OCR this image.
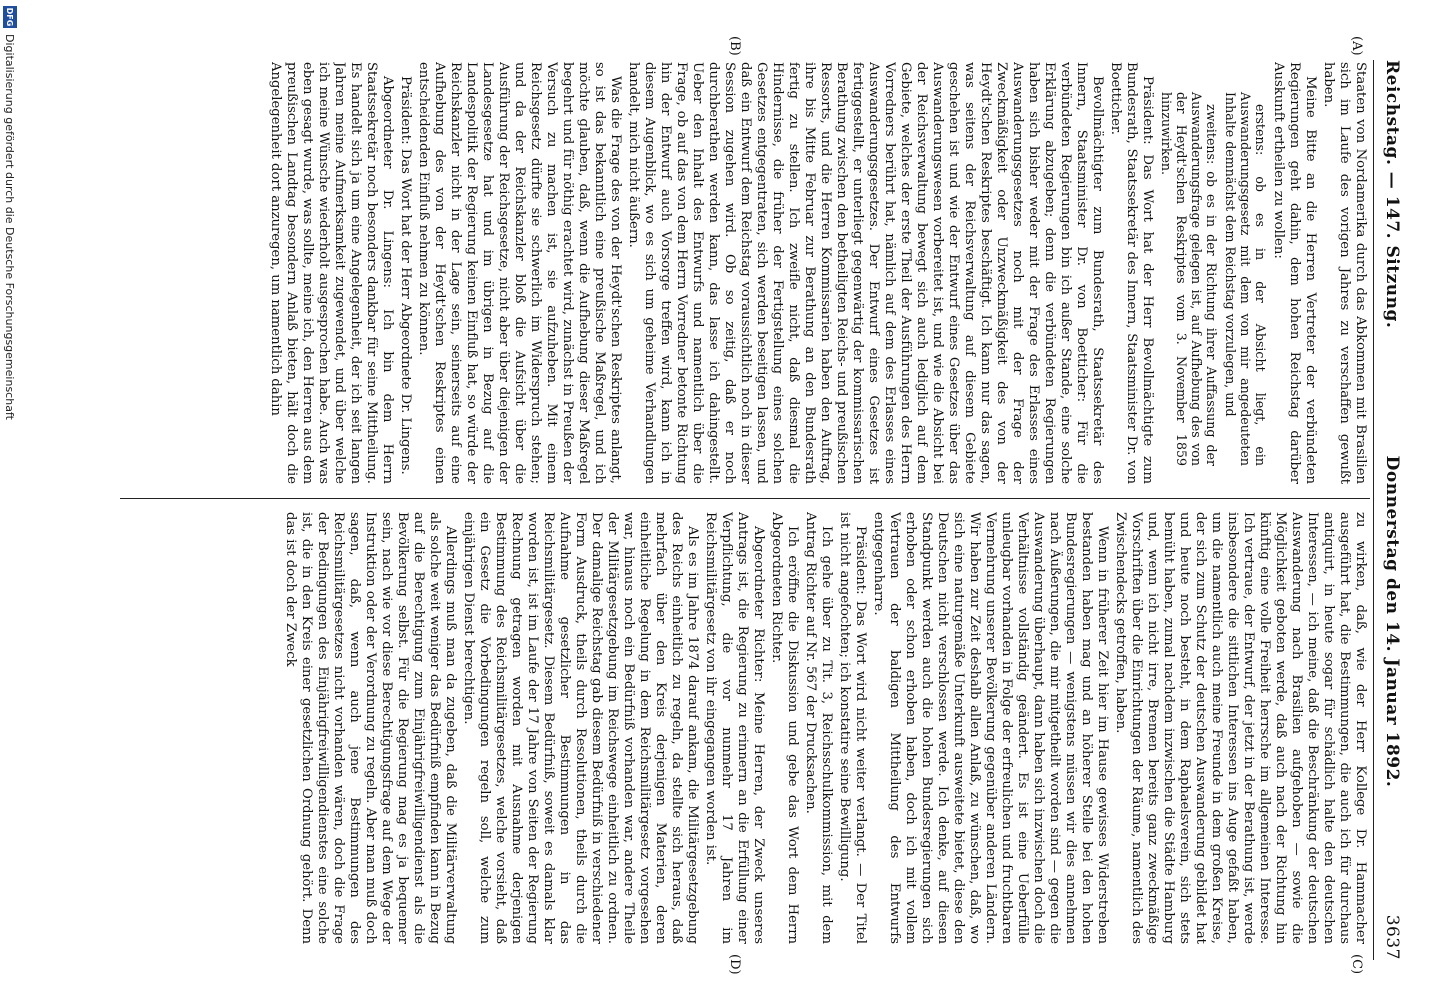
Reichstag. — 147. Sitzung.
Donnerstag den 14. Januar 1892.
3637
(A)
(B)
(C)
(D)

Staaten von Nordamerika durch das Abkommen mit Brasilien sich im Laufe des vorigen Jahres zu verschaffen gewußt haben.

Meine Bitte an die Herren Vertreter der verbündeten Regierungen geht dahin, dem hohen Reichstag darüber Auskunft ertheilen zu wollen:

erstens: ob es in der Absicht liegt, ein Auswanderungsgesetz mit dem von mir angedeuteten Inhalte demnächst dem Reichstag vorzulegen, und

zweitens: ob es in der Richtung ihrer Auffassung der Auswanderungsfrage gelegen ist, auf Aufhebung des von der Heydt'schen Reskriptes vom 3. November 1859 hinzuwirken.

Präsident: Das Wort hat der Herr Bevollmächtigte zum Bundesrath, Staatssekretär des Innern, Staatsminister Dr. von Boetticher.

Bevollmächtigter zum Bundesrath, Staatssekretär des Innern, Staatsminister Dr. von Boetticher: Für die verbündeten Regierungen bin ich außer Stande, eine solche Erklärung abzugeben; denn die verbündeten Regierungen haben sich bisher weder mit der Frage des Erlasses eines Auswanderungsgesetzes noch mit der Frage der Zweckmäßigkeit oder Unzweckmäßigkeit des von der Heydt'schen Reskriptes beschäftigt. Ich kann nur das sagen, was seitens der Reichsverwaltung auf diesem Gebiete geschehen ist und wie der Entwurf eines Gesetzes über das Auswanderungswesen vorbereitet ist, und wie die Absicht bei der Reichsverwaltung bewegt sich auch lediglich auf dem Gebiete, welches der erste Theil der Ausführungen des Herrn Vorredners berührt hat, nämlich auf dem des Erlasses eines Auswanderungsgesetzes. Der Entwurf eines Gesetzes ist fertiggestellt, er unterliegt gegenwärtig der kommissarischen Berathung zwischen den betheiligten Reichs- und preußischen Ressorts, und die Herren Kommissarien haben den Auftrag, ihre bis Mitte Februar zur Berathung an den Bundesrath fertig zu stellen. Ich zweifle nicht, daß diesmal die Hindernisse, die früher der Fertigstellung eines solchen Gesetzes entgegentraten, sich werden beseitigen lassen, und daß ein Entwurf dem Reichstag voraussichtlich noch in dieser Session zugehen wird. Ob so zeitig, daß er noch durchberathen werden kann, das lasse ich dahingestellt. Ueber den Inhalt des Entwurfs und namentlich über die Frage, ob auf das von dem Herrn Vorredner betonte Richtung hin der Entwurf auch Vorsorge treffen wird, kann ich in diesem Augenblick, wo es sich um geheime Verhandlungen handelt, mich nicht äußern.

Was die Frage des von der Heydt'schen Reskriptes anlangt, so ist das bekanntlich eine preußische Maßregel, und ich möchte glauben, daß, wenn die Aufhebung dieser Maßregel begehrt und für nöthig erachtet wird, zunächst in Preußen der Versuch zu machen ist, sie aufzuheben. Mit einem Reichsgesetz dürfte sie schwerlich im Widerspruch stehen; und da der Reichskanzler bloß die Aufsicht über die Ausführung der Reichsgesetze, nicht aber über diejenigen der Landesgesetze hat und im übrigen in Bezug auf die Landespolitik der Regierung keinen Einfluß hat, so würde der Reichskanzler nicht in der Lage sein, seinerseits auf eine Aufhebung des von der Heydt'schen Reskriptes einen entscheidenden Einfluß nehmen zu können.

Präsident: Das Wort hat der Herr Abgeordnete Dr. Lingens.

Abgeordneter Dr. Lingens: Ich bin dem Herrn Staatssekretär noch besonders dankbar für seine Mittheilung. Es handelt sich ja um eine Angelegenheit, der ich seit langen Jahren meine Aufmerksamkeit zugewendet, und über welche ich meine Wünsche wiederholt ausgesprochen habe. Auch was eben gesagt wurde, was sollte, meine ich, den Herren aus dem preußischen Landtag besondern Anlaß bieten, hält doch die Angelegenheit dort anzuregen, um namentlich dahin

zu wirken, daß, wie der Herr Kollege Dr. Hammacher ausgeführt hat, die Bestimmungen, die auch ich für durchaus antiquirt, in heute sogar für schädlich halte den deutschen Interessen, — ich meine, daß die Beschränkung der deutschen Auswanderung nach Brasilien aufgehoben — sowie die Möglichkeit geboten werde, daß auch nach der Richtung hin künftig eine volle Freiheit herrsche im allgemeinen Interesse. Ich vertraue, der Entwurf, der jetzt in der Berathung ist, werde insbesondere die sittlichen Interessen ins Auge gefaßt haben, um die namentlich auch meine Freunde in dem großen Kreise, der sich zum Schutz der deutschen Auswanderung gebildet hat und heute noch besteht, in dem Raphaelsverein, sich stets bemüht haben, zumal nachdem inzwischen die Städte Hamburg und, wenn ich nicht irre, Bremen bereits ganz zweckmäßige Vorschriften über die Einrichtungen der Räume, namentlich des Zwischendecks getroffen, haben.

Wenn in früherer Zeit hier im Hause gewisses Widerstreben bestanden haben mag und an höherer Stelle bei den hohen Bundesregierungen — wenigstens müssen wir dies annehmen nach Äußerungen, die mir mitgetheilt worden sind — gegen die Auswanderung überhaupt, dann haben sich inzwischen doch die Verhältnisse vollständig geändert. Es ist eine Ueberfülle unleugbar vorhanden in Folge der erfreulichen und fruchtbaren Vermehrung unserer Bevölkerung gegenüber anderen Ländern. Wir haben zur Zeit deshalb allen Anlaß, zu wünschen, daß, wo sich eine naturgemäße Unterkunft ausweitete bietet, diese den Deutschen nicht verschlossen werde. Ich denke, auf diesen Standpunkt werden auch die hohen Bundesregierungen sich erhoben oder schon erhoben haben, doch ich mit vollem Vertrauen der baldigen Mittheilung des Entwurfs entgegenharre.

Präsident: Das Wort wird nicht weiter verlangt. — Der Titel ist nicht angefochten; ich konstatire seine Bewilligung.

Ich gehe über zu Tit. 3, Reichsschulkommission, mit dem Antrag Richter auf Nr. 567 der Drucksachen.

Ich eröffne die Diskussion und gebe das Wort dem Herrn Abgeordneten Richter.

Abgeordneter Richter: Meine Herren, der Zweck unseres Antrags ist, die Regierung zu erinnern an die Erfüllung einer Verpflichtung, die vor nunmehr 17 Jahren im Reichsmilitärgesetz von ihr eingegangen worden ist.

Als es im Jahre 1874 darauf ankam, die Militärgesetzgebung des Reichs einheitlich zu regeln, da stellte sich heraus, daß mehrfach über den Kreis derjenigen Materien, deren einheitliche Regelung in dem Reichsmilitärgesetz vorgesehen war, hinaus noch ein Bedürfniß vorhanden war, andere Theile der Militärgesetzgebung im Reichswege einheitlich zu ordnen. Der damalige Reichstag gab diesem Bedürfniß in verschiedener Form Ausdruck, theils durch Resolutionen, theils durch die Aufnahme gesetzlicher Bestimmungen in das Reichsmilitärgesetz. Diesem Bedürfniß, soweit es damals klar worden ist, ist im Laufe der 17 Jahre von Seiten der Regierung Rechnung getragen worden mit Ausnahme derjenigen Bestimmung des Reichsmilitärgesetzes, welche vorsieht, daß ein Gesetz die Vorbedingungen regeln soll, welche zum einjährigen Dienst berechtigen.

Allerdings muß man da zugeben, daß die Militärverwaltung als solche weit weniger das Bedürfniß empfinden kann in Bezug auf die Berechtigung zum Einjährigfreiwilligendienst als die Bevölkerung selbst. Für die Regierung mag es ja bequemer sein, nach wie vor diese Berechtigungsfrage auf dem Wege der Instruktion oder der Verordnung zu regeln. Aber man muß doch sagen, daß, wenn auch jene Bestimmungen des Reichsmilitärgesetzes nicht vorhanden wären, doch die Frage der Bedingungen des Einjährigfreiwilligendienstes eine solche ist, die in den Kreis einer gesetzlichen Ordnung gehört. Denn das ist doch der Zweck

DFG
Digitalisierung gefördert durch die Deutsche Forschungsgemeinschaft
